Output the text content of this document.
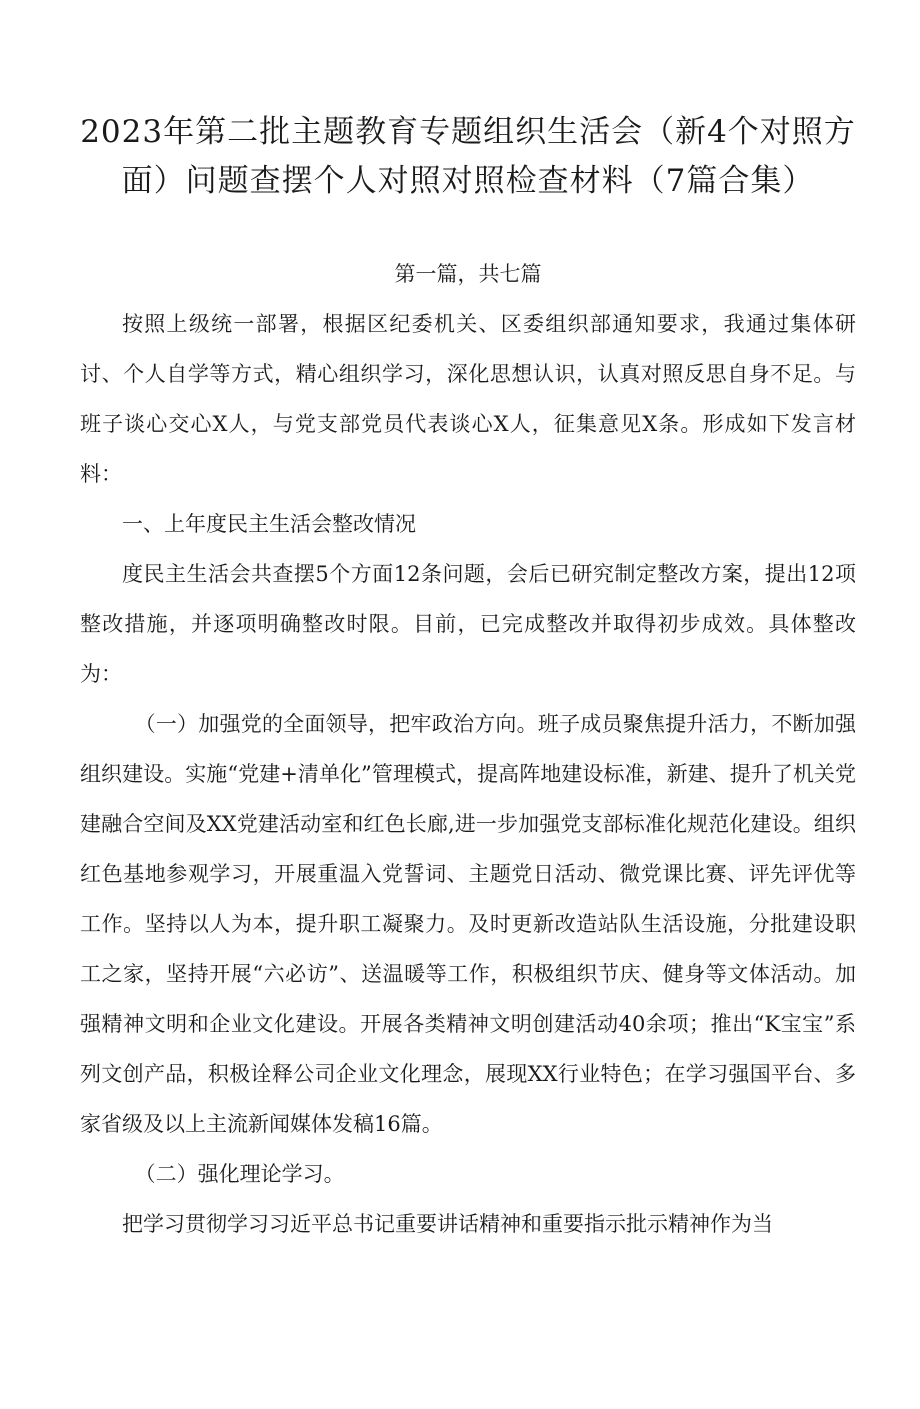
2023年第二批主题教育专题组织生活会（新4个对照方
面）问题查摆个人对照对照检查材料（7篇合集）

第一篇，共七篇

按照上级统一部署，根据区纪委机关、区委组织部通知要求，我通过集体研讨、个人自学等方式，精心组织学习，深化思想认识，认真对照反思自身不足。与班子谈心交心X人，与党支部党员代表谈心X人，征集意见X条。形成如下发言材料：

一、上年度民主生活会整改情况

度民主生活会共查摆5个方面12条问题，会后已研究制定整改方案，提出12项整改措施，并逐项明确整改时限。目前，已完成整改并取得初步成效。具体整改为：

（一）加强党的全面领导，把牢政治方向。班子成员聚焦提升活力，不断加强组织建设。实施“党建+清单化”管理模式，提高阵地建设标准，新建、提升了机关党建融合空间及XX党建活动室和红色长廊,进一步加强党支部标准化规范化建设。组织红色基地参观学习，开展重温入党誓词、主题党日活动、微党课比赛、评先评优等工作。坚持以人为本，提升职工凝聚力。及时更新改造站队生活设施，分批建设职工之家，坚持开展“六必访”、送温暖等工作，积极组织节庆、健身等文体活动。加强精神文明和企业文化建设。开展各类精神文明创建活动40余项；推出“K宝宝”系列文创产品，积极诠释公司企业文化理念，展现XX行业特色；在学习强国平台、多家省级及以上主流新闻媒体发稿16篇。

（二）强化理论学习。

把学习贯彻学习习近平总书记重要讲话精神和重要指示批示精神作为当
